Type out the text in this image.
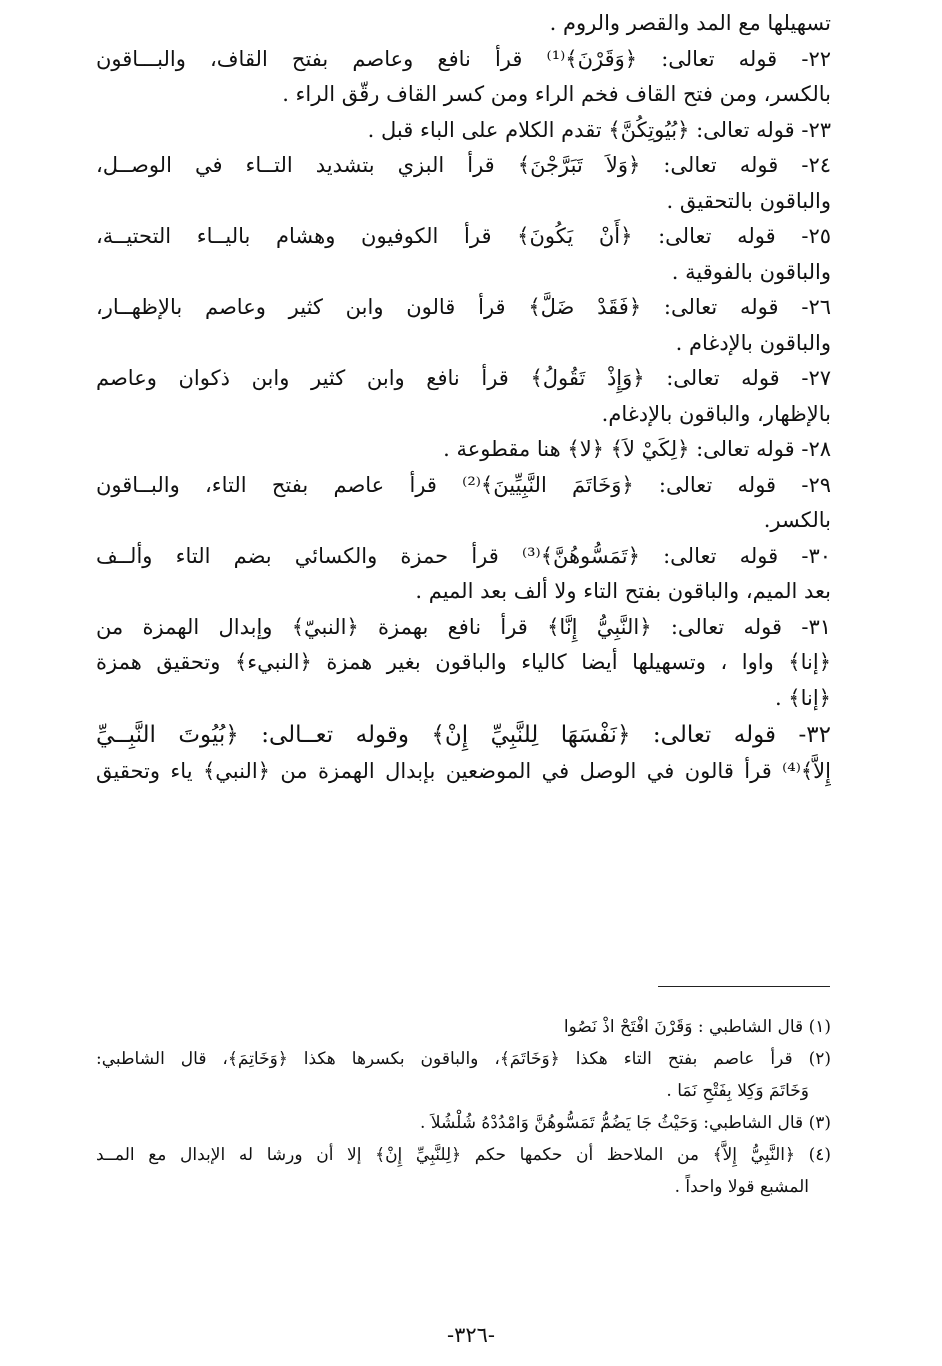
تسهيلها مع المد والقصر والروم .
٢٢- قوله تعالى: ﴿وَقَرْنَ﴾⁽¹⁾ قرأ نافع وعاصم بفتح القاف، والبـــاقون
بالكسر، ومن فتح القاف فخم الراء ومن كسر القاف رقّق الراء .
٢٣- قوله تعالى: ﴿بُيُوتِكُنَّ﴾ تقدم الكلام على الباء قبل .
٢٤- قوله تعالى: ﴿وَلاَ تَبَرَّجْنَ﴾ قرأ البزي بتشديد التــاء في الوصــل،
والباقون بالتحقيق .
٢٥- قوله تعالى: ﴿أَنْ يَكُونَ﴾ قرأ الكوفيون وهشام باليــاء التحتيــة،
والباقون بالفوقية .
٢٦- قوله تعالى: ﴿فَقَدْ ضَلَّ﴾ قرأ قالون وابن كثير وعاصم بالإظهــار،
والباقون بالإدغام .
٢٧- قوله تعالى: ﴿وَإِذْ تَقُولُ﴾ قرأ نافع وابن كثير وابن ذكوان وعاصم
بالإظهار، والباقون بالإدغام.
٢٨- قوله تعالى: ﴿لِكَيْ لاَ﴾ ﴿لا﴾ هنا مقطوعة .
٢٩- قوله تعالى: ﴿وَخَاتَمَ النَّبِيِّينَ﴾⁽²⁾ قرأ عاصم بفتح التاء، والبــاقون
بالكسر.
٣٠- قوله تعالى: ﴿تَمَسُّوهُنَّ﴾⁽³⁾ قرأ حمزة والكسائي بضم التاء وألــف
بعد الميم، والباقون بفتح التاء ولا ألف بعد الميم .
٣١- قوله تعالى: ﴿النَّبِيُّ إِنَّا﴾ قرأ نافع بهمزة ﴿النبيّ﴾ وإبدال الهمزة من
﴿إنا﴾ واوا ، وتسهيلها أيضا كالياء والباقون بغير همزة ﴿النبيء﴾ وتحقيق همزة
﴿إنا﴾ .
٣٢- قوله تعالى: ﴿نَفْسَهَا لِلنَّبِيِّ إِنْ﴾ وقوله تعــالى: ﴿بُيُوتَ النَّبِــيِّ
إِلاَّ﴾⁽⁴⁾ قرأ قالون في الوصل في الموضعين بإبدال الهمزة من ﴿النبي﴾ ياء وتحقيق
(١) قال الشاطبي : وَقَرْنَ افْتَحْ اذْ نَصُوا
(٢) قرأ عاصم بفتح التاء هكذا ﴿وَخَاتَمَ﴾، والباقون بكسرها هكذا ﴿وَخَاتِمَ﴾، قال الشاطبي:
وَخَاتَمَ وَكِلا بِفَتْحِ نَمَا .
(٣) قال الشاطبي: وَحَيْثُ جَا يَضُمُّ تَمَسُّوهُنَّ وَامْدُدْهُ شُلْشُلاَ .
(٤) ﴿النَّبِيُّ إِلاَّ﴾ من الملاحظ أن حكمها حكم ﴿لِلنَّبِيِّ إِنْ﴾ إلا أن ورشا له الإبدال مع المــد
المشبع قولا واحداً .
-٣٢٦-
